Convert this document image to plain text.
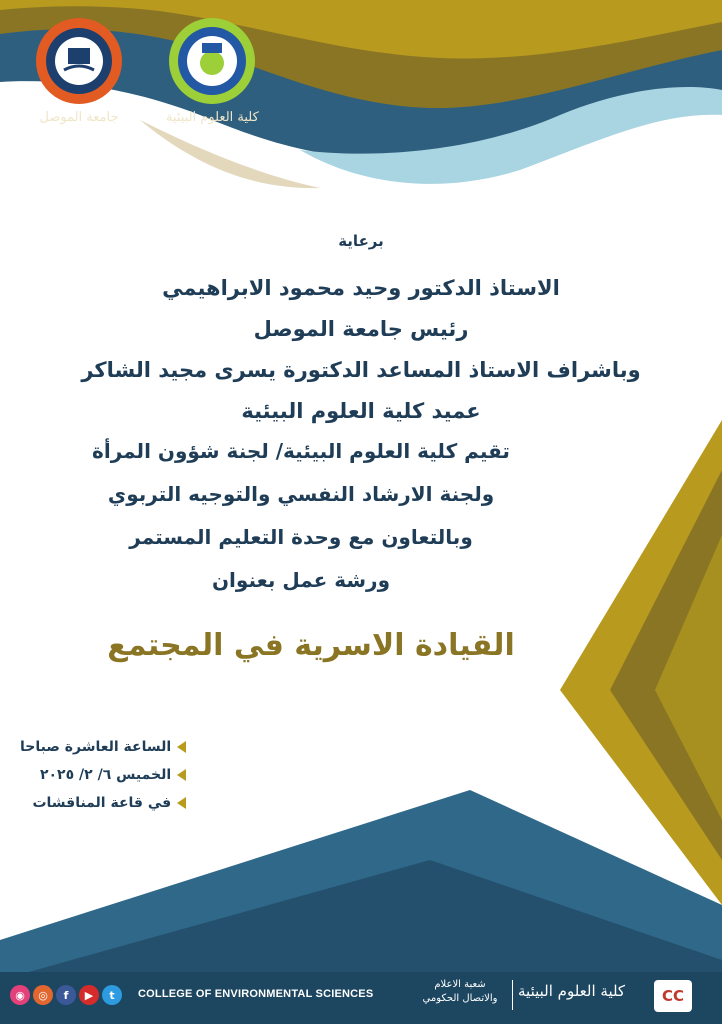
جامعة الموصل	كلية العلوم البيئية
برعاية
الاستاذ الدكتور وحيد محمود الابراهيمي
رئيس جامعة الموصل
وباشراف الاستاذ المساعد الدكتورة يسرى مجيد الشاكر
عميد كلية العلوم البيئية
تقيم كلية العلوم البيئية/ لجنة شؤون المرأة
ولجنة الارشاد النفسي والتوجيه التربوي
وبالتعاون مع وحدة التعليم المستمر
ورشة عمل بعنوان
القيادة الاسرية في المجتمع
الساعة العاشرة صباحا
الخميس ٦/ ٢/ ٢٠٢٥
في قاعة المناقشات
◉	◎	f	▶	t	COLLEGE OF ENVIRONMENTAL SCIENCES
شعبة الاعلام
والاتصال الحكومي	كلية العلوم البيئية	CC
